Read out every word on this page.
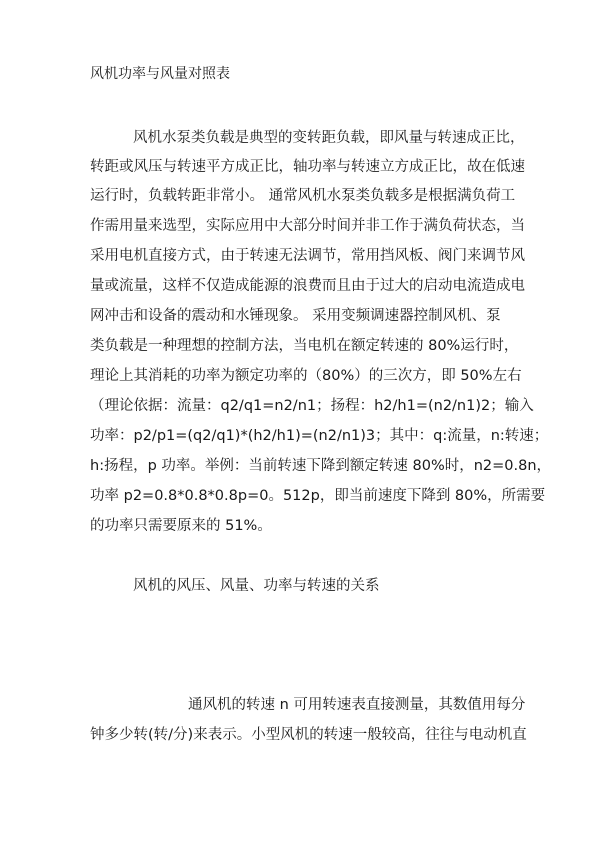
风机功率与风量对照表
风机水泵类负载是典型的变转距负载，即风量与转速成正比，
转距或风压与转速平方成正比，轴功率与转速立方成正比，故在低速
运行时，负载转距非常小。 通常风机水泵类负载多是根据满负荷工
作需用量来选型，实际应用中大部分时间并非工作于满负荷状态，当
采用电机直接方式，由于转速无法调节，常用挡风板、阀门来调节风
量或流量，这样不仅造成能源的浪费而且由于过大的启动电流造成电
网冲击和设备的震动和水锤现象。 采用变频调速器控制风机、泵
类负载是一种理想的控制方法，当电机在额定转速的 80%运行时，
理论上其消耗的功率为额定功率的（80%）的三次方，即 50%左右
（理论依据：流量：q2/q1=n2/n1；扬程：h2/h1=(n2/n1)2；输入
功率：p2/p1=(q2/q1)*(h2/h1)=(n2/n1)3；其中：q:流量，n:转速；
h:扬程，p 功率。举例：当前转速下降到额定转速 80%时，n2=0.8n，
功率 p2=0.8*0.8*0.8p=0。512p，即当前速度下降到 80%，所需要
的功率只需要原来的 51%。
风机的风压、风量、功率与转速的关系
通风机的转速 n 可用转速表直接测量，其数值用每分
钟多少转(转/分)来表示。小型风机的转速一般较高，往往与电动机直
